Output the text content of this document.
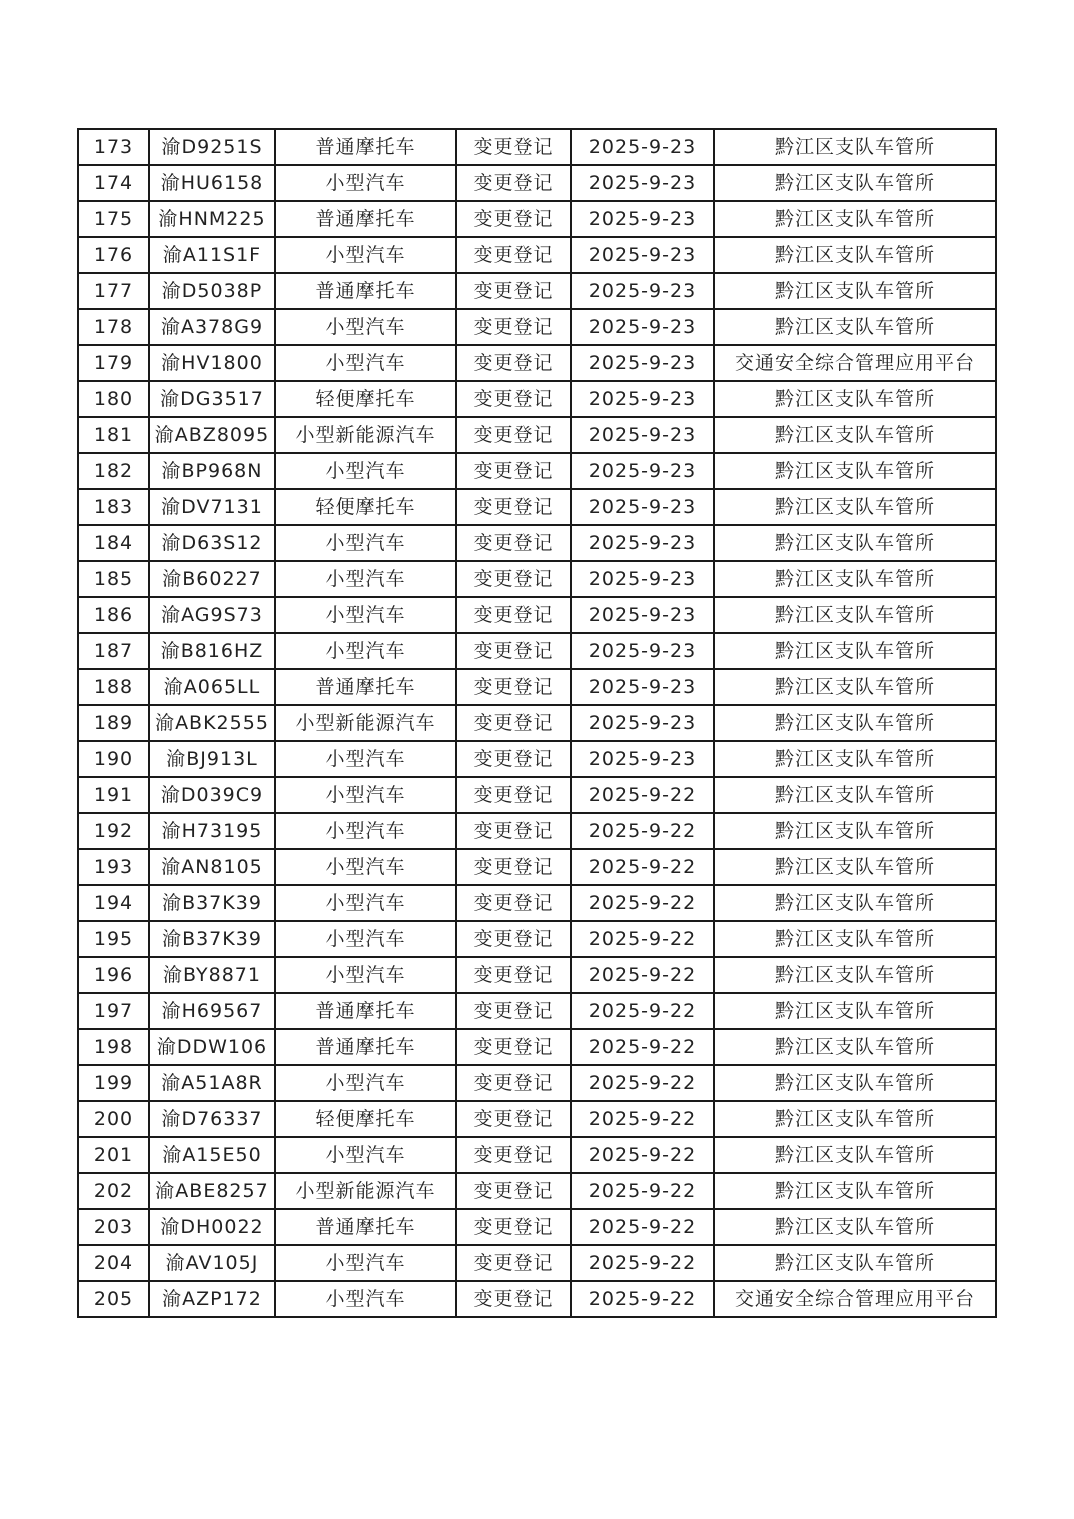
173	渝D9251S	普通摩托车	变更登记	2025-9-23	黔江区支队车管所
174	渝HU6158	小型汽车	变更登记	2025-9-23	黔江区支队车管所
175	渝HNM225	普通摩托车	变更登记	2025-9-23	黔江区支队车管所
176	渝A11S1F	小型汽车	变更登记	2025-9-23	黔江区支队车管所
177	渝D5038P	普通摩托车	变更登记	2025-9-23	黔江区支队车管所
178	渝A378G9	小型汽车	变更登记	2025-9-23	黔江区支队车管所
179	渝HV1800	小型汽车	变更登记	2025-9-23	交通安全综合管理应用平台
180	渝DG3517	轻便摩托车	变更登记	2025-9-23	黔江区支队车管所
181	渝ABZ8095	小型新能源汽车	变更登记	2025-9-23	黔江区支队车管所
182	渝BP968N	小型汽车	变更登记	2025-9-23	黔江区支队车管所
183	渝DV7131	轻便摩托车	变更登记	2025-9-23	黔江区支队车管所
184	渝D63S12	小型汽车	变更登记	2025-9-23	黔江区支队车管所
185	渝B60227	小型汽车	变更登记	2025-9-23	黔江区支队车管所
186	渝AG9S73	小型汽车	变更登记	2025-9-23	黔江区支队车管所
187	渝B816HZ	小型汽车	变更登记	2025-9-23	黔江区支队车管所
188	渝A065LL	普通摩托车	变更登记	2025-9-23	黔江区支队车管所
189	渝ABK2555	小型新能源汽车	变更登记	2025-9-23	黔江区支队车管所
190	渝BJ913L	小型汽车	变更登记	2025-9-23	黔江区支队车管所
191	渝D039C9	小型汽车	变更登记	2025-9-22	黔江区支队车管所
192	渝H73195	小型汽车	变更登记	2025-9-22	黔江区支队车管所
193	渝AN8105	小型汽车	变更登记	2025-9-22	黔江区支队车管所
194	渝B37K39	小型汽车	变更登记	2025-9-22	黔江区支队车管所
195	渝B37K39	小型汽车	变更登记	2025-9-22	黔江区支队车管所
196	渝BY8871	小型汽车	变更登记	2025-9-22	黔江区支队车管所
197	渝H69567	普通摩托车	变更登记	2025-9-22	黔江区支队车管所
198	渝DDW106	普通摩托车	变更登记	2025-9-22	黔江区支队车管所
199	渝A51A8R	小型汽车	变更登记	2025-9-22	黔江区支队车管所
200	渝D76337	轻便摩托车	变更登记	2025-9-22	黔江区支队车管所
201	渝A15E50	小型汽车	变更登记	2025-9-22	黔江区支队车管所
202	渝ABE8257	小型新能源汽车	变更登记	2025-9-22	黔江区支队车管所
203	渝DH0022	普通摩托车	变更登记	2025-9-22	黔江区支队车管所
204	渝AV105J	小型汽车	变更登记	2025-9-22	黔江区支队车管所
205	渝AZP172	小型汽车	变更登记	2025-9-22	交通安全综合管理应用平台
